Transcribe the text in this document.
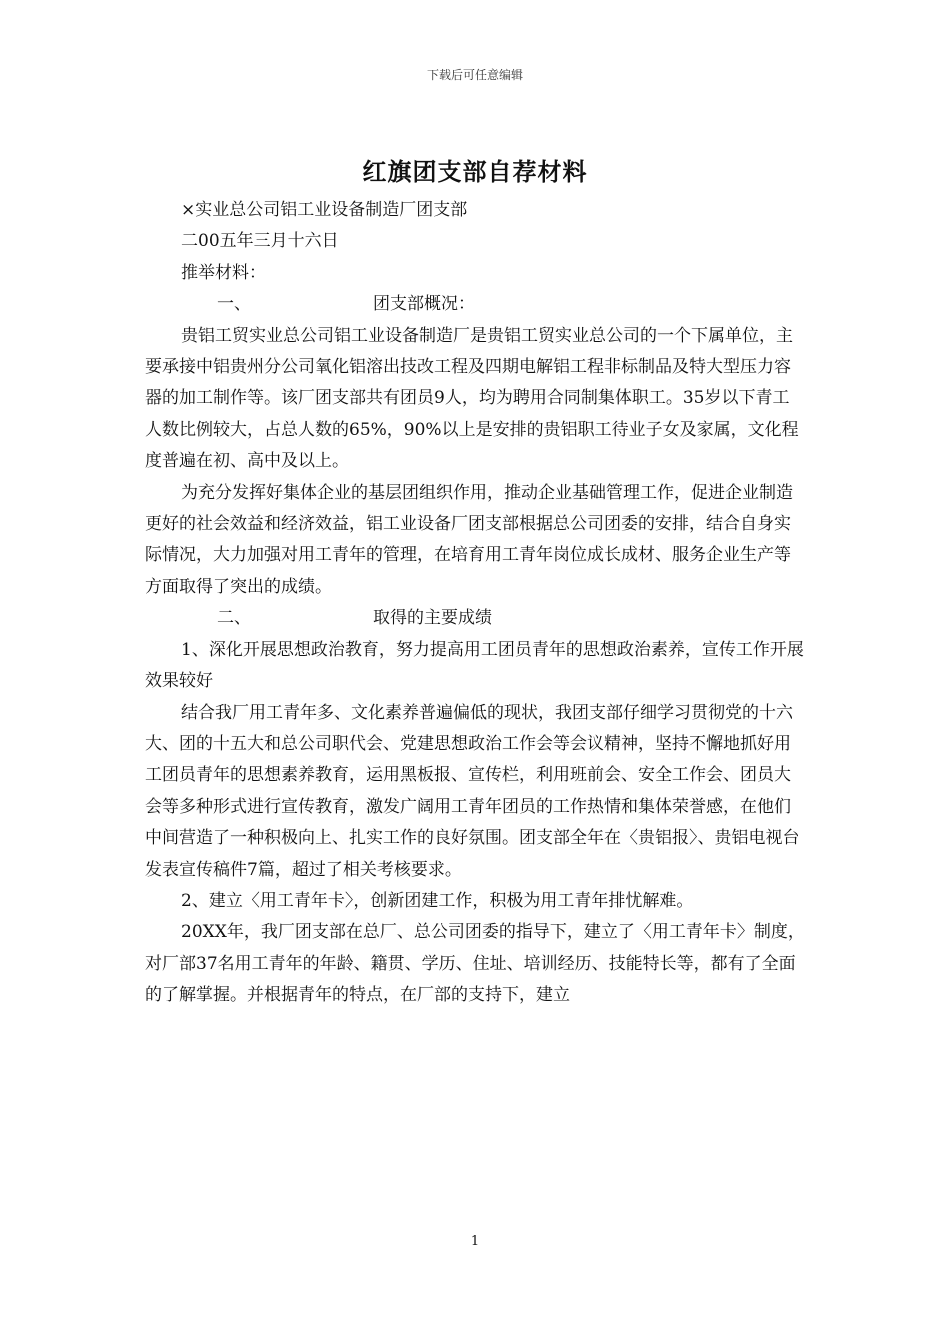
下载后可任意编辑
红旗团支部自荐材料

×实业总公司铝工业设备制造厂团支部

二00五年三月十六日

推举材料：

一、	团支部概况：

贵铝工贸实业总公司铝工业设备制造厂是贵铝工贸实业总公司的一个下属单位，主要承接中铝贵州分公司氧化铝溶出技改工程及四期电解铝工程非标制品及特大型压力容器的加工制作等。该厂团支部共有团员9人，均为聘用合同制集体职工。35岁以下青工人数比例较大，占总人数的65%，90%以上是安排的贵铝职工待业子女及家属，文化程度普遍在初、高中及以上。

为充分发挥好集体企业的基层团组织作用，推动企业基础管理工作，促进企业制造更好的社会效益和经济效益，铝工业设备厂团支部根据总公司团委的安排，结合自身实际情况，大力加强对用工青年的管理，在培育用工青年岗位成长成材、服务企业生产等方面取得了突出的成绩。

二、	取得的主要成绩

1、深化开展思想政治教育，努力提高用工团员青年的思想政治素养，宣传工作开展效果较好

结合我厂用工青年多、文化素养普遍偏低的现状，我团支部仔细学习贯彻党的十六大、团的十五大和总公司职代会、党建思想政治工作会等会议精神，坚持不懈地抓好用工团员青年的思想素养教育，运用黑板报、宣传栏，利用班前会、安全工作会、团员大会等多种形式进行宣传教育，激发广阔用工青年团员的工作热情和集体荣誉感，在他们中间营造了一种积极向上、扎实工作的良好氛围。团支部全年在〈贵铝报〉、贵铝电视台发表宣传稿件7篇，超过了相关考核要求。

2、建立〈用工青年卡〉，创新团建工作，积极为用工青年排忧解难。

20XX年，我厂团支部在总厂、总公司团委的指导下，建立了〈用工青年卡〉制度，对厂部37名用工青年的年龄、籍贯、学历、住址、培训经历、技能特长等，都有了全面的了解掌握。并根据青年的特点，在厂部的支持下，建立

1
